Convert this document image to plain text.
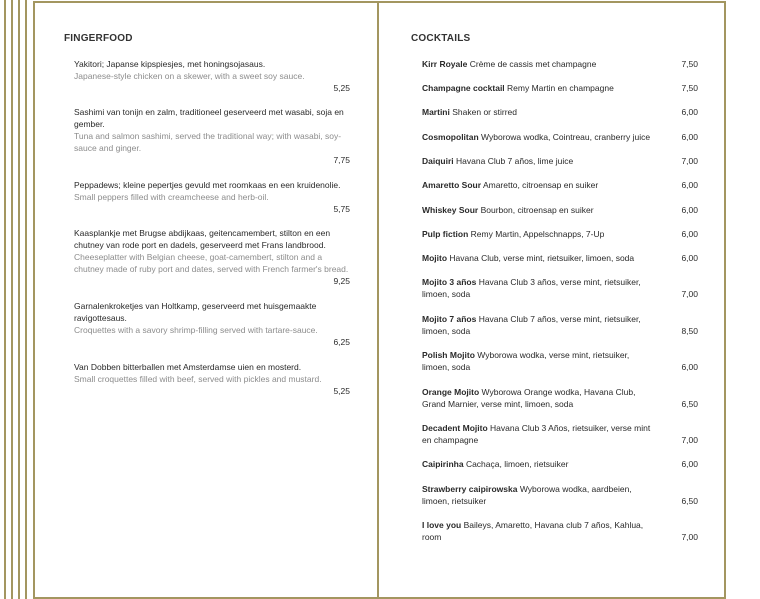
FINGERFOOD
Yakitori; Japanse kipspiesjes, met honingsojasaus.
Japanese-style chicken on a skewer, with a sweet soy sauce.
5,25
Sashimi van tonijn en zalm, traditioneel geserveerd met wasabi, soja en gember.
Tuna and salmon sashimi, served the traditional way; with wasabi, soy-sauce and ginger.
7,75
Peppadews; kleine pepertjes gevuld met roomkaas en een kruidenolie.
Small peppers filled with creamcheese and herb-oil.
5,75
Kaasplankje met Brugse abdijkaas, geitencamembert, stilton en een chutney van rode port en dadels, geserveerd met Frans landbrood.
Cheeseplatter with Belgian cheese, goat-camembert, stilton and a chutney made of ruby port and dates, served with French farmer's bread.
9,25
Garnalenkroketjes van Holtkamp, geserveerd met huisgemaakte ravigottesaus.
Croquettes with a savory shrimp-filling served with tartare-sauce.
6,25
Van Dobben bitterballen met Amsterdamse uien en mosterd.
Small croquettes filled with beef, served with pickles and mustard.
5,25
COCKTAILS
Kirr Royale Crème de cassis met champagne	7,50
Champagne cocktail Remy Martin en champagne	7,50
Martini Shaken or stirred	6,00
Cosmopolitan Wyborowa wodka, Cointreau, cranberry juice	6,00
Daiquiri Havana Club 7 años, lime juice	7,00
Amaretto Sour Amaretto, citroensap en suiker	6,00
Whiskey Sour Bourbon, citroensap en suiker	6,00
Pulp fiction Remy Martin, Appelschnapps, 7-Up	6,00
Mojito Havana Club, verse mint, rietsuiker, limoen, soda	6,00
Mojito 3 años Havana Club 3 años, verse mint, rietsuiker, limoen, soda	7,00
Mojito 7 años Havana Club 7 años, verse mint, rietsuiker, limoen, soda	8,50
Polish Mojito Wyborowa wodka, verse mint, rietsuiker, limoen, soda	6,00
Orange Mojito Wyborowa Orange wodka, Havana Club, Grand Marnier, verse mint, limoen, soda	6,50
Decadent Mojito Havana Club 3 Años, rietsuiker, verse mint en champagne	7,00
Caipirinha Cachaça, limoen, rietsuiker	6,00
Strawberry caipirowska Wyborowa wodka, aardbeien, limoen, rietsuiker	6,50
I love you Baileys, Amaretto, Havana club 7 años, Kahlua, room	7,00
